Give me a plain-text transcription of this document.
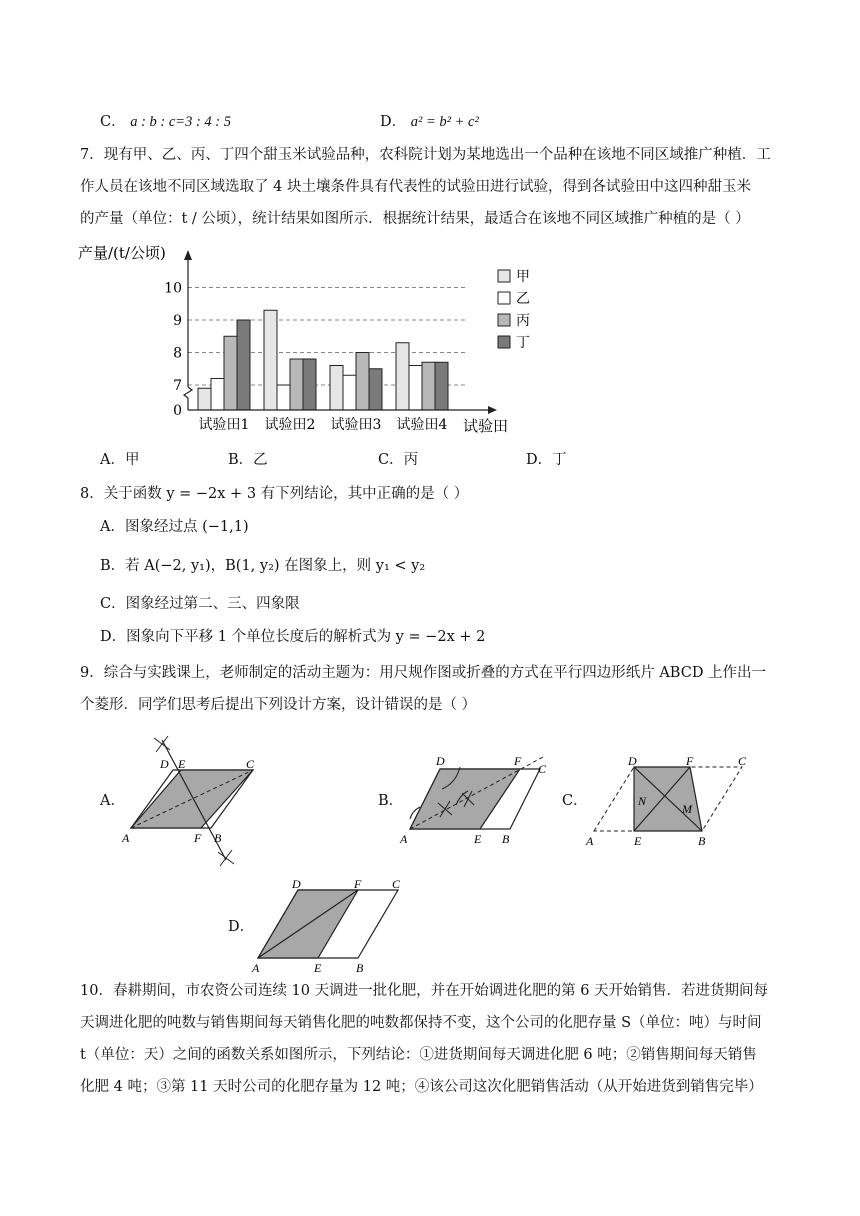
C． a : b : c=3 : 4 : 5	D． a² = b² + c²
7．现有甲、乙、丙、丁四个甜玉米试验品种，农科院计划为某地选出一个品种在该地不同区域推广种植．工
作人员在该地不同区域选取了 4 块土壤条件具有代表性的试验田进行试验，得到各试验田中这四种甜玉米
的产量（单位：t / 公顷），统计结果如图所示．根据统计结果，最适合在该地不同区域推广种植的是（ ）
产量/(t/公顷)
0
7
8
9
10
试验田1 试验田2 试验田3 试验田4 试验田
甲
乙
丙
丁
A．甲	B．乙	C．丙	D．丁
8．关于函数 y = −2x + 3 有下列结论，其中正确的是（ ）
A．图象经过点 (−1,1)
B．若 A(−2, y₁)，B(1, y₂) 在图象上，则 y₁ < y₂
C．图象经过第二、三、四象限
D．图象向下平移 1 个单位长度后的解析式为 y = −2x + 2
9．综合与实践课上，老师制定的活动主题为：用尺规作图或折叠的方式在平行四边形纸片 ABCD 上作出一
个菱形．同学们思考后提出下列设计方案，设计错误的是（ ）
A．
A
D E	C
F B
B．
A
D	F
C
E B
C．
A
D	F	C
N
M
E	B
D．
A
D	F	C
E	B
10．春耕期间，市农资公司连续 10 天调进一批化肥，并在开始调进化肥的第 6 天开始销售．若进货期间每
天调进化肥的吨数与销售期间每天销售化肥的吨数都保持不变，这个公司的化肥存量 S（单位：吨）与时间
t（单位：天）之间的函数关系如图所示，下列结论：①进货期间每天调进化肥 6 吨；②销售期间每天销售
化肥 4 吨；③第 11 天时公司的化肥存量为 12 吨；④该公司这次化肥销售活动（从开始进货到销售完毕）
